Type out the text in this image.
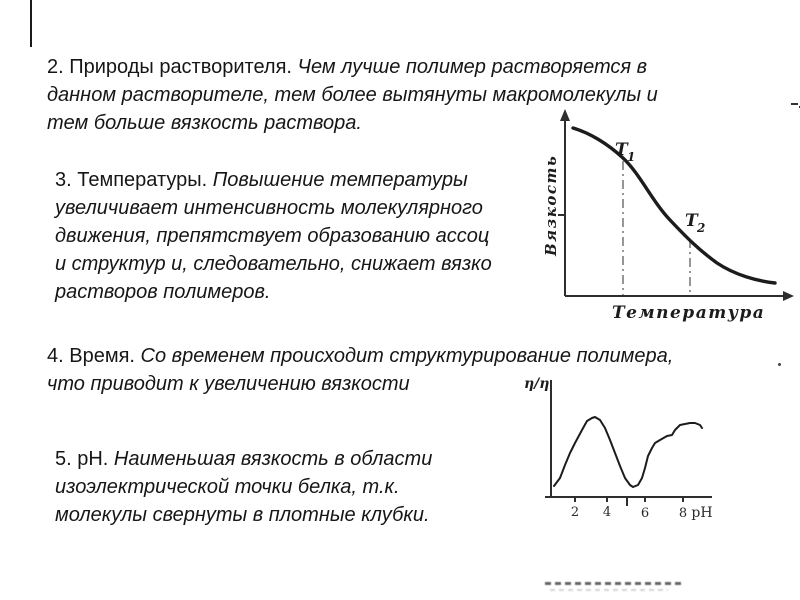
2. Природы растворителя. Чем лучше полимер растворяется в
данном растворителе, тем более вытянуты макромолекулы и
тем больше вязкость раствора.
3. Температуры. Повышение температуры
увеличивает интенсивность молекулярного
движения, препятствует образованию ассоц
и структур и, следовательно, снижает вязко
растворов полимеров.
4. Время. Со временем происходит структурирование полимера,
что приводит к увеличению вязкости
5. pH. Наименьшая вязкость в области
изоэлектрической точки белка, т.к.
молекулы свернуты в плотные клубки.
T 1
T 2
Вязкость
Температура
η/η
2 4 6 8 pH
